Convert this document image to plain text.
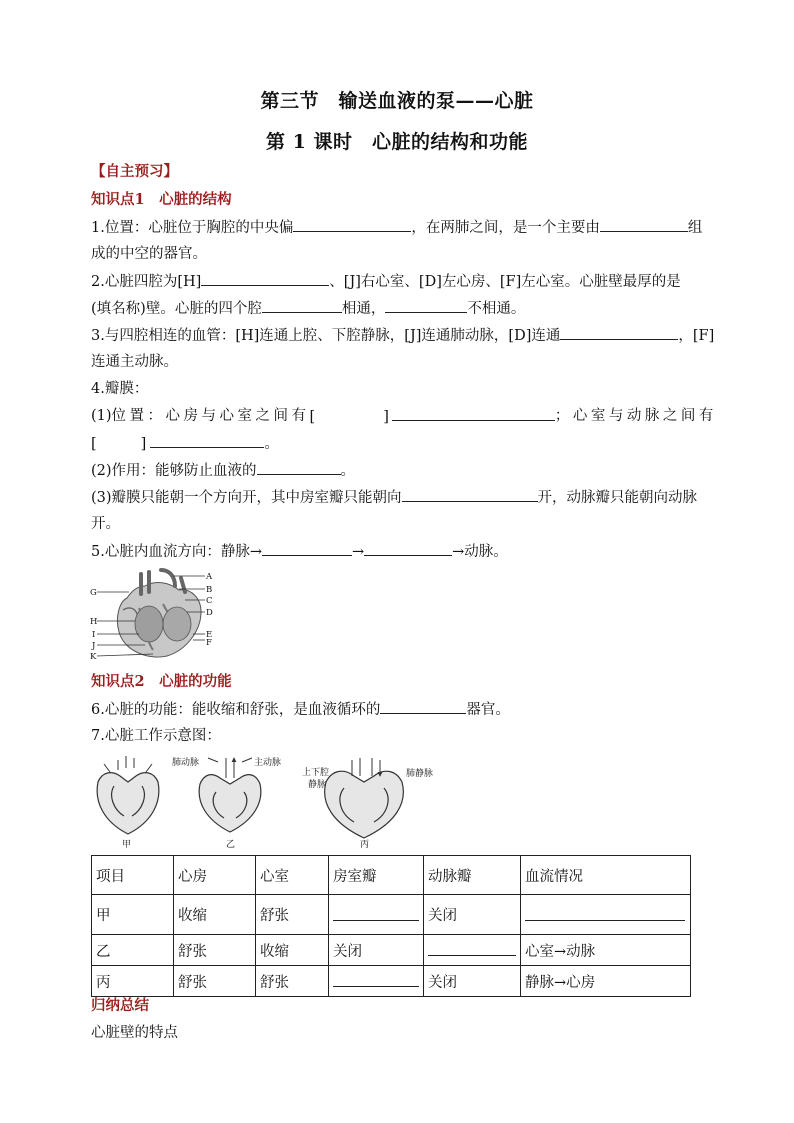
第三节　输送血液的泵——心脏
第 1 课时　心脏的结构和功能
【自主预习】
知识点1　心脏的结构
1.位置：心脏位于胸腔的中央偏	，在两肺之间，是一个主要由	组
成的中空的器官。
2.心脏四腔为[H]	、[J]右心室、[D]左心房、[F]左心室。心脏壁最厚的是
(填名称)壁。心脏的四个腔	相通，	不相通。
3.与四腔相连的血管：[H]连通上腔、下腔静脉，[J]连通肺动脉，[D]连通	，[F]
连通主动脉。
4.瓣膜：
(1) 位置：心房与心室之间有 [	]	；心室与动脉之间有
[	]	。
(2)作用：能够防止血液的	。
(3)瓣膜只能朝一个方向开，其中房室瓣只能朝向	开，动脉瓣只能朝向动脉
开。
5.心脏内血流方向：静脉→	→	→动脉。
A
B
C
D
E
F
G
H
I
J
K
知识点2　心脏的功能
6.心脏的功能：能收缩和舒张，是血液循环的	器官。
7.心脏工作示意图：
甲	乙	丙
肺动脉	主动脉
上下腔
静脉
肺静脉
项目	心房	心室	房室瓣	动脉瓣	血流情况
甲	收缩	舒张		关闭	
乙	舒张	收缩	关闭		心室→动脉
丙	舒张	舒张		关闭	静脉→心房
归纳总结
心脏壁的特点
